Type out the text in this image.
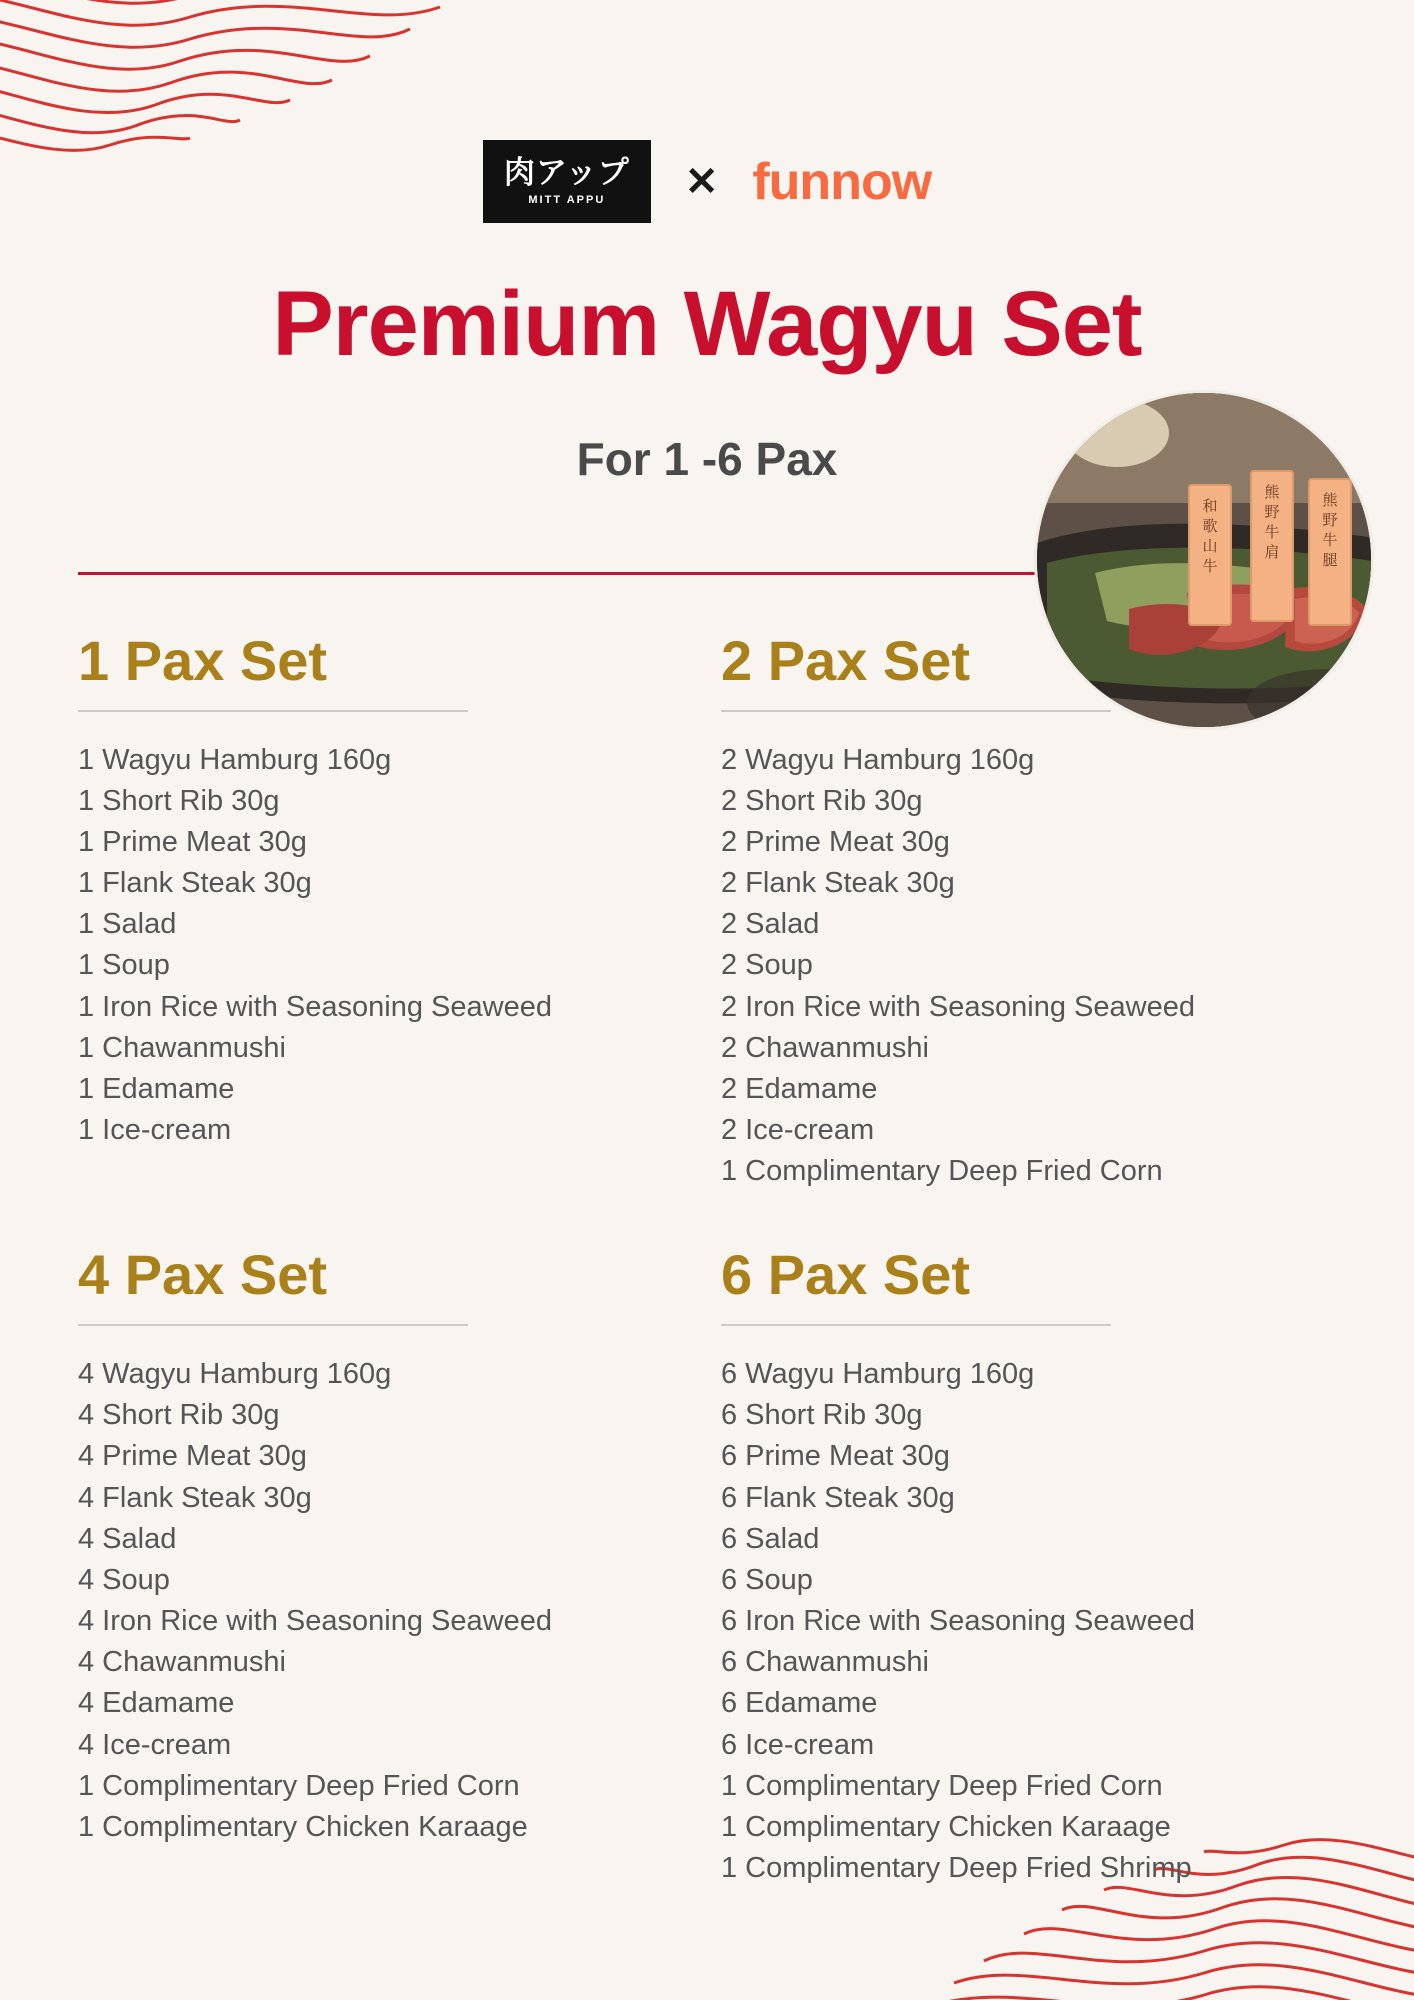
肉アップ
MITT APPU ✕ funnow
Premium Wagyu Set
For 1 -6 Pax
和
歌
山
牛
熊
野
牛
肩
熊
野
牛
腿
1 Pax Set
1 Wagyu Hamburg 160g
1 Short Rib 30g
1 Prime Meat 30g
1 Flank Steak 30g
1 Salad
1 Soup
1 Iron Rice with Seasoning Seaweed
1 Chawanmushi
1 Edamame
1 Ice-cream
2 Pax Set
2 Wagyu Hamburg 160g
2 Short Rib 30g
2 Prime Meat 30g
2 Flank Steak 30g
2 Salad
2 Soup
2 Iron Rice with Seasoning Seaweed
2 Chawanmushi
2 Edamame
2 Ice-cream
1 Complimentary Deep Fried Corn
4 Pax Set
4 Wagyu Hamburg 160g
4 Short Rib 30g
4 Prime Meat 30g
4 Flank Steak 30g
4 Salad
4 Soup
4 Iron Rice with Seasoning Seaweed
4 Chawanmushi
4 Edamame
4 Ice-cream
1 Complimentary Deep Fried Corn
1 Complimentary Chicken Karaage
6 Pax Set
6 Wagyu Hamburg 160g
6 Short Rib 30g
6 Prime Meat 30g
6 Flank Steak 30g
6 Salad
6 Soup
6 Iron Rice with Seasoning Seaweed
6 Chawanmushi
6 Edamame
6 Ice-cream
1 Complimentary Deep Fried Corn
1 Complimentary Chicken Karaage
1 Complimentary Deep Fried Shrimp
